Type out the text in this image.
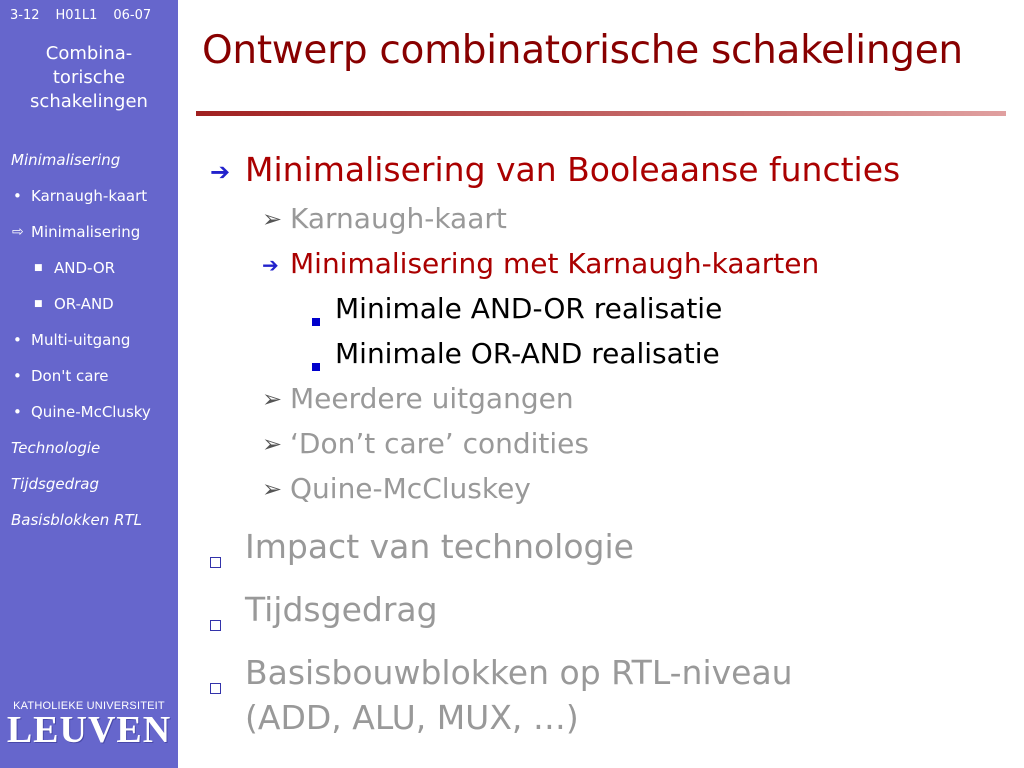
3-12 H01L1 06-07
Combina-
torische
schakelingen
Minimalisering
• Karnaugh-kaart
⇨ Minimalisering
■ AND-OR
■ OR-AND
• Multi-uitgang
• Don't care
• Quine-McClusky
Technologie
Tijdsgedrag
Basisblokken RTL
KATHOLIEKE UNIVERSITEIT
LEUVEN
Ontwerp combinatorische schakelingen
➔ Minimalisering van Booleaanse functies
➢ Karnaugh-kaart
➔ Minimalisering met Karnaugh-kaarten
Minimale AND-OR realisatie
Minimale OR-AND realisatie
➢ Meerdere uitgangen
➢ ‘Don’t care’ condities
➢ Quine-McCluskey
Impact van technologie
Tijdsgedrag
Basisbouwblokken op RTL-niveau
(ADD, ALU, MUX, …)
